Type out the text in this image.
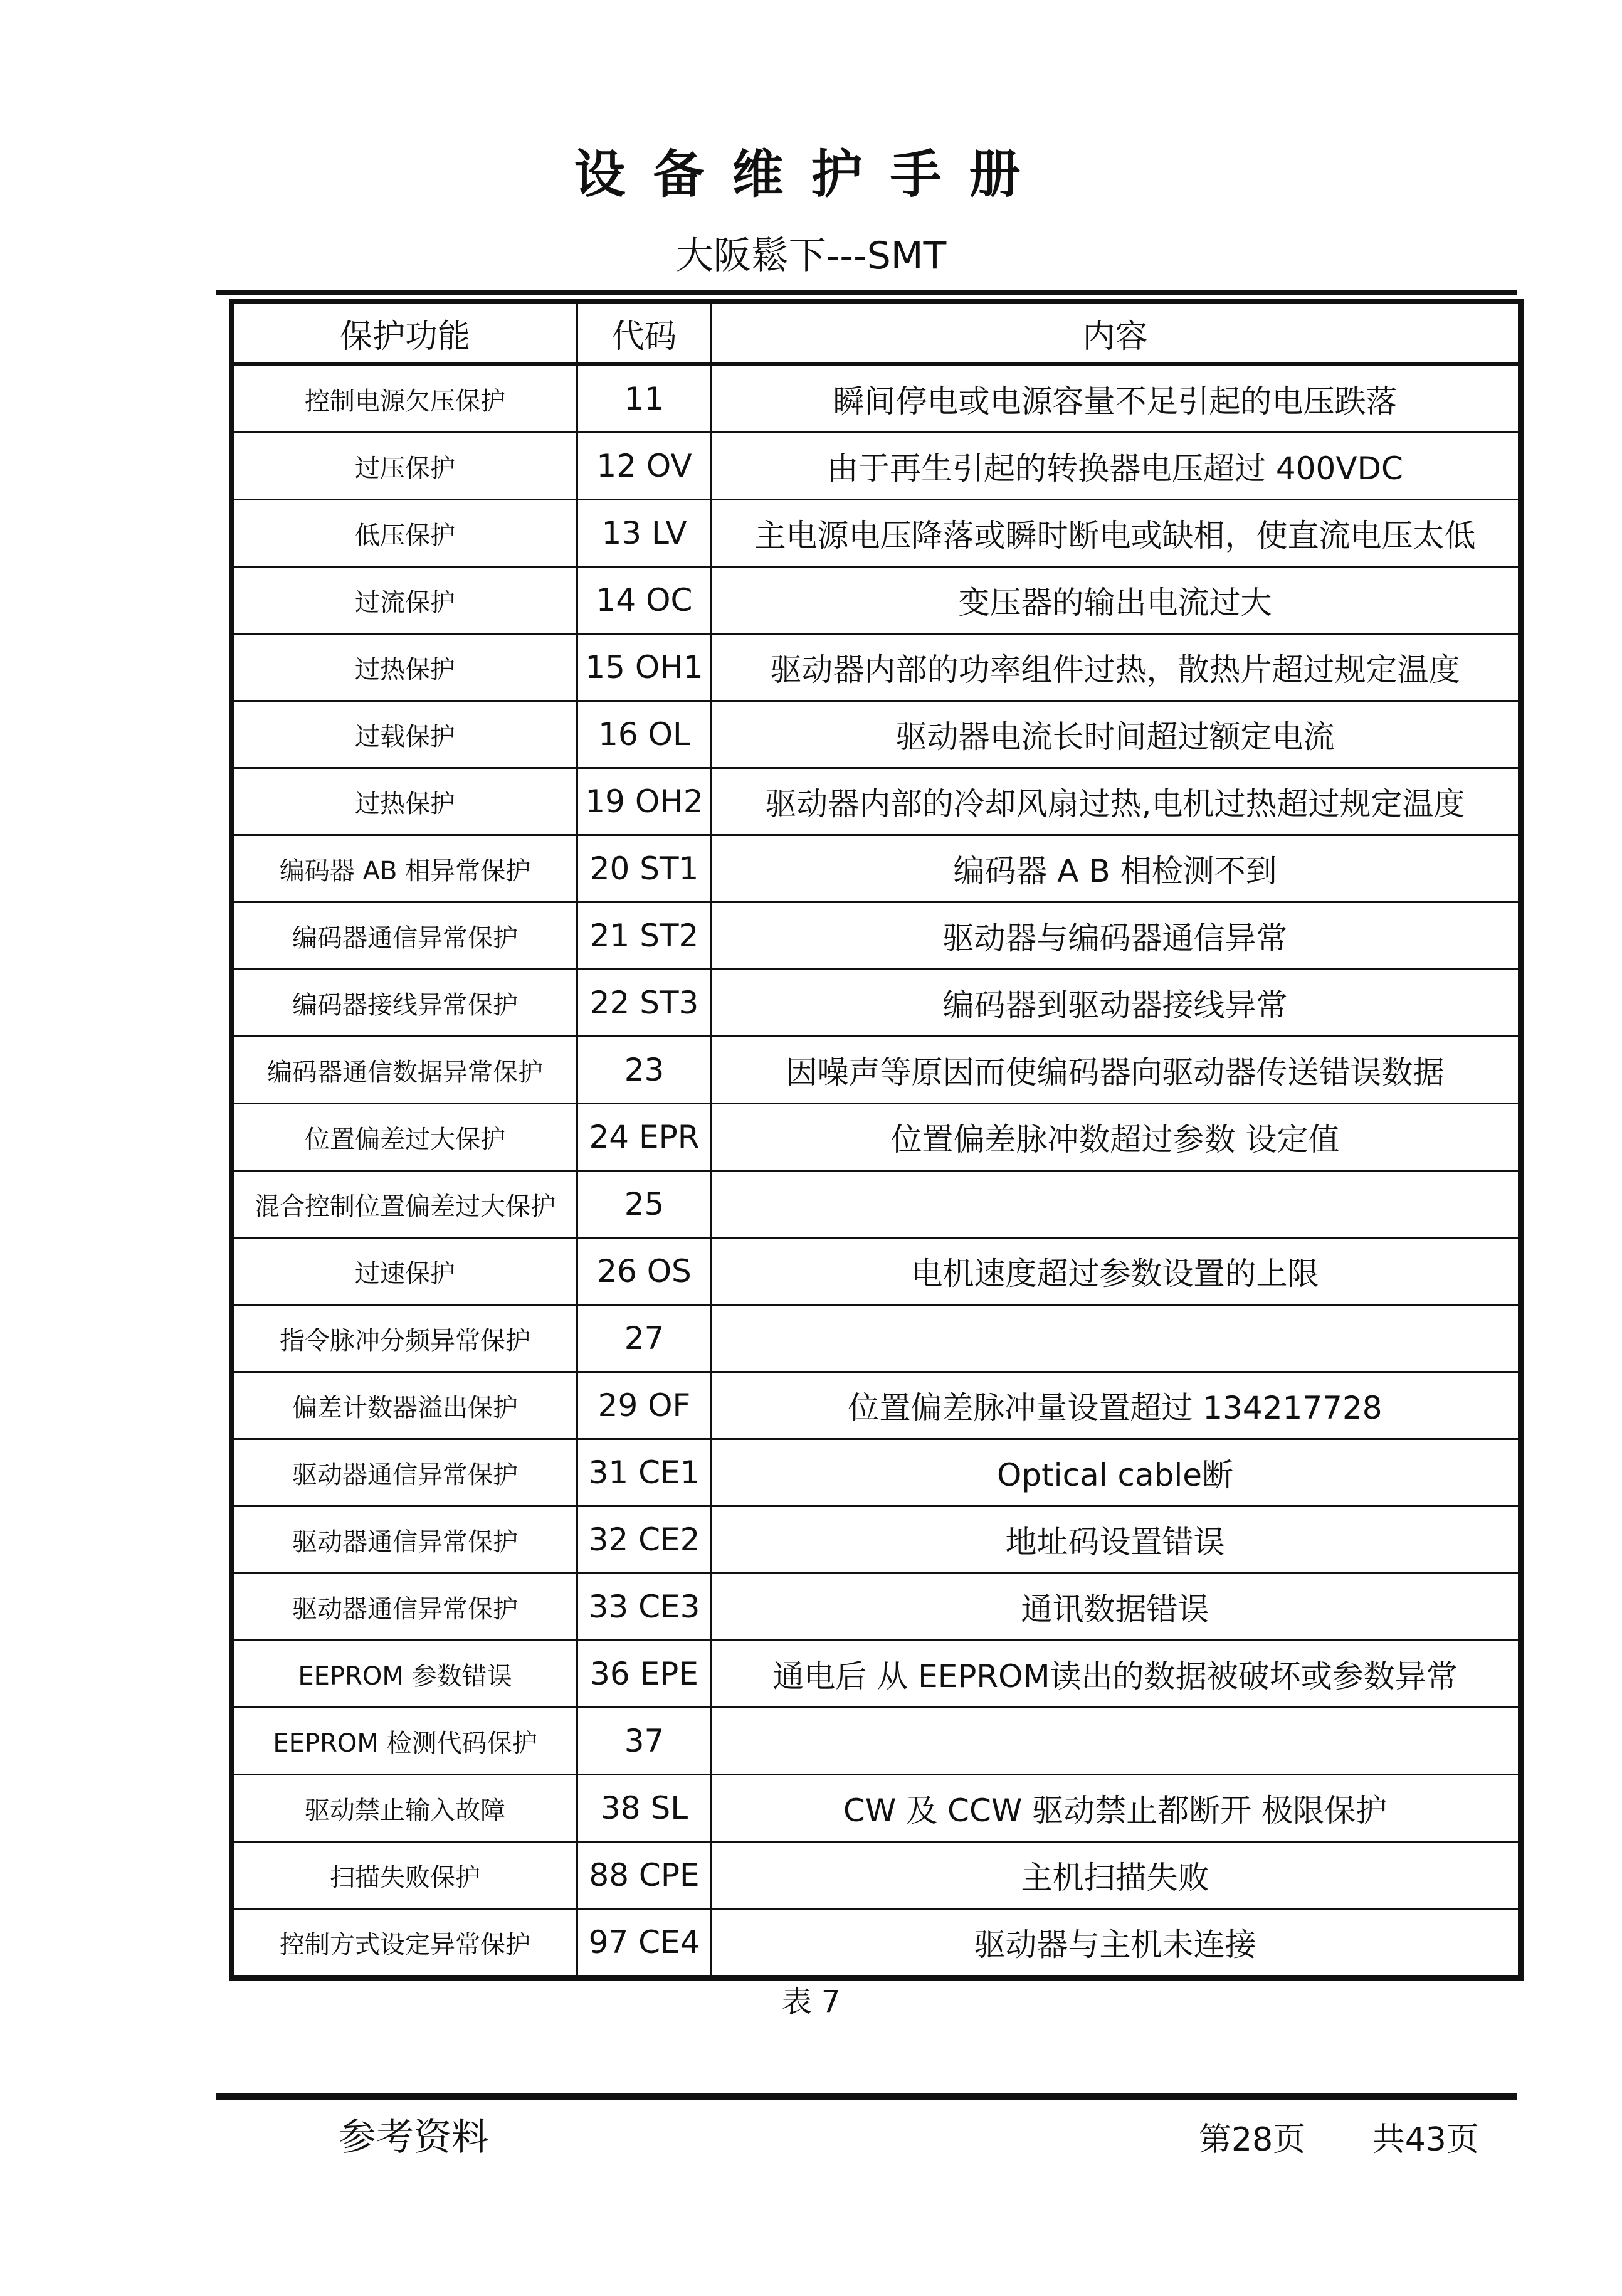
设备维护手册
大阪鬆下---SMT
保护功能	代码	内容
控制电源欠压保护	11	瞬间停电或电源容量不足引起的电压跌落
过压保护	12 OV	由于再生引起的转换器电压超过 400VDC
低压保护	13 LV	主电源电压降落或瞬时断电或缺相，使直流电压太低
过流保护	14 OC	变压器的输出电流过大
过热保护	15 OH1	驱动器内部的功率组件过热，散热片超过规定温度
过载保护	16 OL	驱动器电流长时间超过额定电流
过热保护	19 OH2	驱动器内部的冷却风扇过热,电机过热超过规定温度
编码器 AB 相异常保护	20 ST1	编码器 A B 相检测不到
编码器通信异常保护	21 ST2	驱动器与编码器通信异常
编码器接线异常保护	22 ST3	编码器到驱动器接线异常
编码器通信数据异常保护	23	因噪声等原因而使编码器向驱动器传送错误数据
位置偏差过大保护	24 EPR	位置偏差脉冲数超过参数 设定值
混合控制位置偏差过大保护	25	
过速保护	26 OS	电机速度超过参数设置的上限
指令脉冲分频异常保护	27	
偏差计数器溢出保护	29 OF	位置偏差脉冲量设置超过 134217728
驱动器通信异常保护	31 CE1	Optical cable断
驱动器通信异常保护	32 CE2	地址码设置错误
驱动器通信异常保护	33 CE3	通讯数据错误
EEPROM 参数错误	36 EPE	通电后 从 EEPROM读出的数据被破坏或参数异常
EEPROM 检测代码保护	37	
驱动禁止输入故障	38 SL	CW 及 CCW 驱动禁止都断开 极限保护
扫描失败保护	88 CPE	主机扫描失败
控制方式设定异常保护	97 CE4	驱动器与主机未连接
表 7
参考资料	第28页 共43页
